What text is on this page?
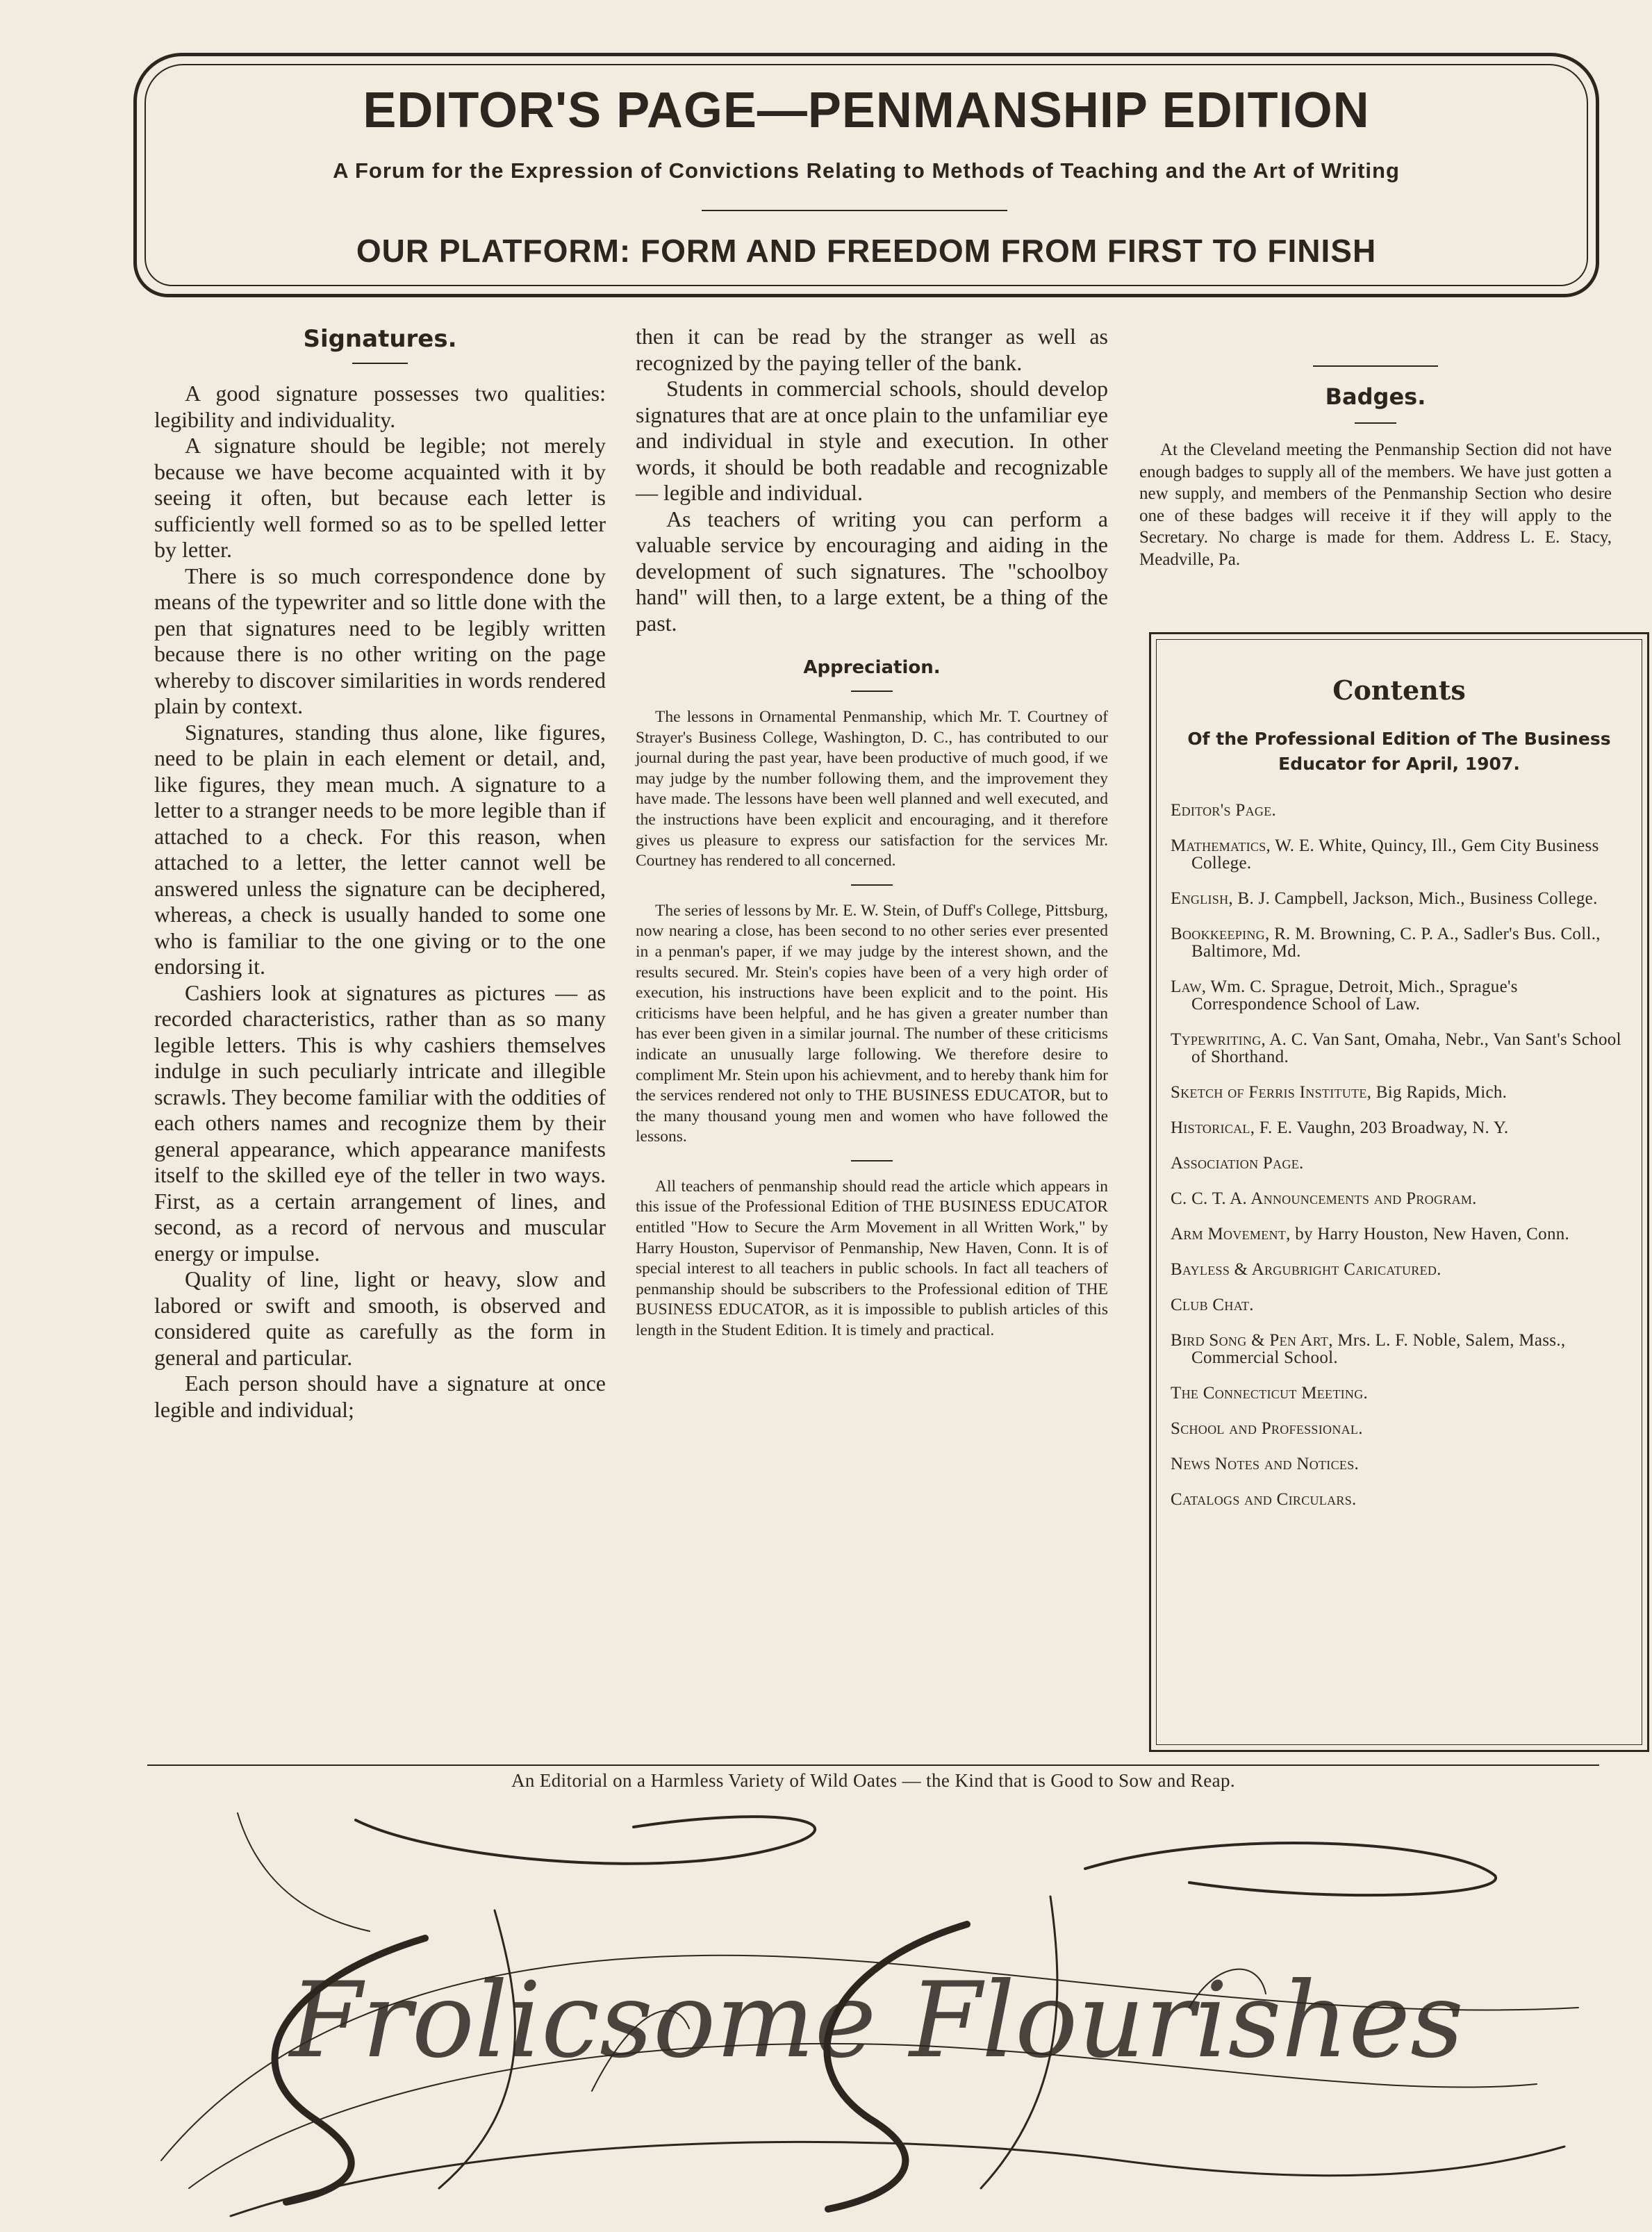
EDITOR'S PAGE—PENMANSHIP EDITION

A Forum for the Expression of Convictions Relating to Methods of Teaching and the Art of Writing

OUR PLATFORM: FORM AND FREEDOM FROM FIRST TO FINISH

Signatures.

A good signature possesses two qualities: legibility and individuality.

A signature should be legible; not merely because we have become acquainted with it by seeing it often, but because each letter is sufficiently well formed so as to be spelled letter by letter.

There is so much correspondence done by means of the typewriter and so little done with the pen that signatures need to be legibly written because there is no other writing on the page whereby to discover similarities in words rendered plain by context.

Signatures, standing thus alone, like figures, need to be plain in each element or detail, and, like figures, they mean much. A signature to a letter to a stranger needs to be more legible than if attached to a check. For this reason, when attached to a letter, the letter cannot well be answered unless the signature can be deciphered, whereas, a check is usually handed to some one who is familiar to the one giving or to the one endorsing it.

Cashiers look at signatures as pictures — as recorded characteristics, rather than as so many legible letters. This is why cashiers themselves indulge in such peculiarly intricate and illegible scrawls. They become familiar with the oddities of each others names and recognize them by their general appearance, which appearance manifests itself to the skilled eye of the teller in two ways. First, as a certain arrangement of lines, and second, as a record of nervous and muscular energy or impulse.

Quality of line, light or heavy, slow and labored or swift and smooth, is observed and considered quite as carefully as the form in general and particular.

Each person should have a signature at once legible and individual;

then it can be read by the stranger as well as recognized by the paying teller of the bank.

Students in commercial schools, should develop signatures that are at once plain to the unfamiliar eye and individual in style and execution. In other words, it should be both readable and recognizable — legible and individual.

As teachers of writing you can perform a valuable service by encouraging and aiding in the development of such signatures. The "schoolboy hand" will then, to a large extent, be a thing of the past.

Appreciation.

The lessons in Ornamental Penmanship, which Mr. T. Courtney of Strayer's Business College, Washington, D. C., has contributed to our journal during the past year, have been productive of much good, if we may judge by the number following them, and the improvement they have made. The lessons have been well planned and well executed, and the instructions have been explicit and encouraging, and it therefore gives us pleasure to express our satisfaction for the services Mr. Courtney has rendered to all concerned.

The series of lessons by Mr. E. W. Stein, of Duff's College, Pittsburg, now nearing a close, has been second to no other series ever presented in a penman's paper, if we may judge by the interest shown, and the results secured. Mr. Stein's copies have been of a very high order of execution, his instructions have been explicit and to the point. His criticisms have been helpful, and he has given a greater number than has ever been given in a similar journal. The number of these criticisms indicate an unusually large following. We therefore desire to compliment Mr. Stein upon his achievment, and to hereby thank him for the services rendered not only to THE BUSINESS EDUCATOR, but to the many thousand young men and women who have followed the lessons.

All teachers of penmanship should read the article which appears in this issue of the Professional Edition of THE BUSINESS EDUCATOR entitled "How to Secure the Arm Movement in all Written Work," by Harry Houston, Supervisor of Penmanship, New Haven, Conn. It is of special interest to all teachers in public schools. In fact all teachers of penmanship should be subscribers to the Professional edition of THE BUSINESS EDUCATOR, as it is impossible to publish articles of this length in the Student Edition. It is timely and practical.

Badges.

At the Cleveland meeting the Penmanship Section did not have enough badges to supply all of the members. We have just gotten a new supply, and members of the Penmanship Section who desire one of these badges will receive it if they will apply to the Secretary. No charge is made for them. Address L. E. Stacy, Meadville, Pa.

Contents

Of the Professional Edition of The Business Educator for April, 1907.

Editor's Page.
Mathematics, W. E. White, Quincy, Ill., Gem City Business College.
English, B. J. Campbell, Jackson, Mich., Business College.
Bookkeeping, R. M. Browning, C. P. A., Sadler's Bus. Coll., Baltimore, Md.
Law, Wm. C. Sprague, Detroit, Mich., Sprague's Correspondence School of Law.
Typewriting, A. C. Van Sant, Omaha, Nebr., Van Sant's School of Shorthand.
Sketch of Ferris Institute, Big Rapids, Mich.
Historical, F. E. Vaughn, 203 Broadway, N. Y.
Association Page.
C. C. T. A. Announcements and Program.
Arm Movement, by Harry Houston, New Haven, Conn.
Bayless & Argubright Caricatured.
Club Chat.
Bird Song & Pen Art, Mrs. L. F. Noble, Salem, Mass., Commercial School.
The Connecticut Meeting.
School and Professional.
News Notes and Notices.
Catalogs and Circulars.

An Editorial on a Harmless Variety of Wild Oates — the Kind that is Good to Sow and Reap.

Frolicsome Flourishes
